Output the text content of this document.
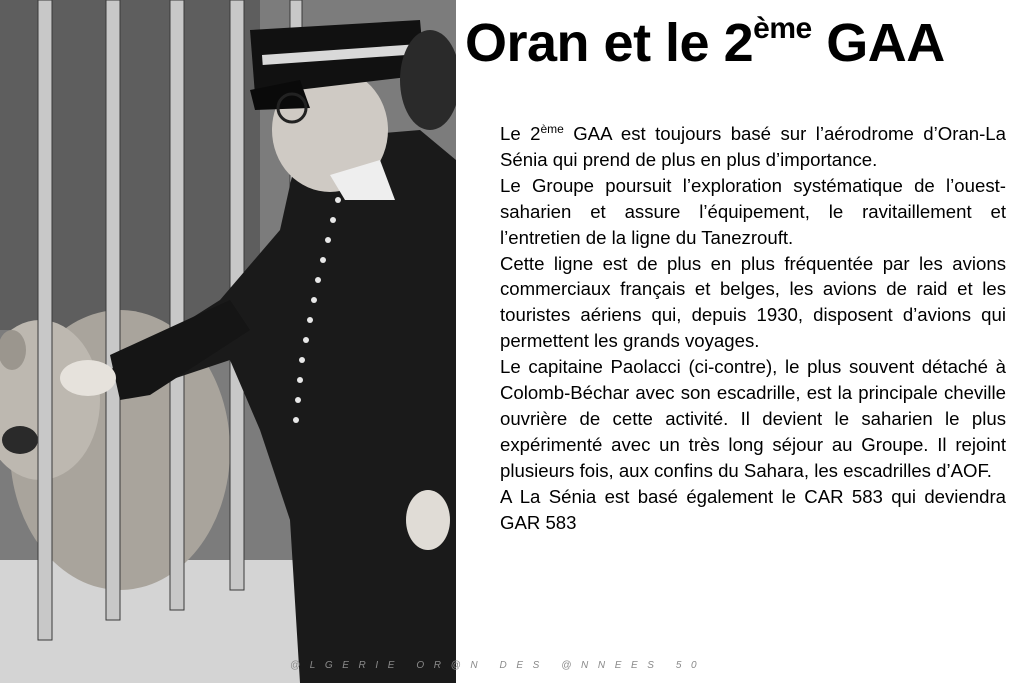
Oran et le 2ème GAA

Le 2ème GAA est toujours basé sur l’aérodrome d’Oran-La Sénia qui prend de plus en plus d’importance.

Le Groupe poursuit l’exploration systématique de l’ouest-saharien et assure l’équipement, le ravitaillement et l’entretien de la ligne du Tanezrouft.

Cette ligne est de plus en plus fréquentée par les avions commerciaux français et belges, les avions de raid et les touristes aériens qui, depuis 1930, disposent d’avions qui permettent les grands voyages.

Le capitaine Paolacci (ci-contre), le plus souvent détaché à Colomb-Béchar avec son escadrille, est la principale cheville ouvrière de cette activité. Il devient le saharien le plus expérimenté avec un très long séjour au Groupe. Il rejoint plusieurs fois, aux confins du Sahara, les escadrilles d’AOF.

A La Sénia est basé également le CAR 583 qui deviendra GAR 583

@LGERIE OR@N DES @NNEES 50
